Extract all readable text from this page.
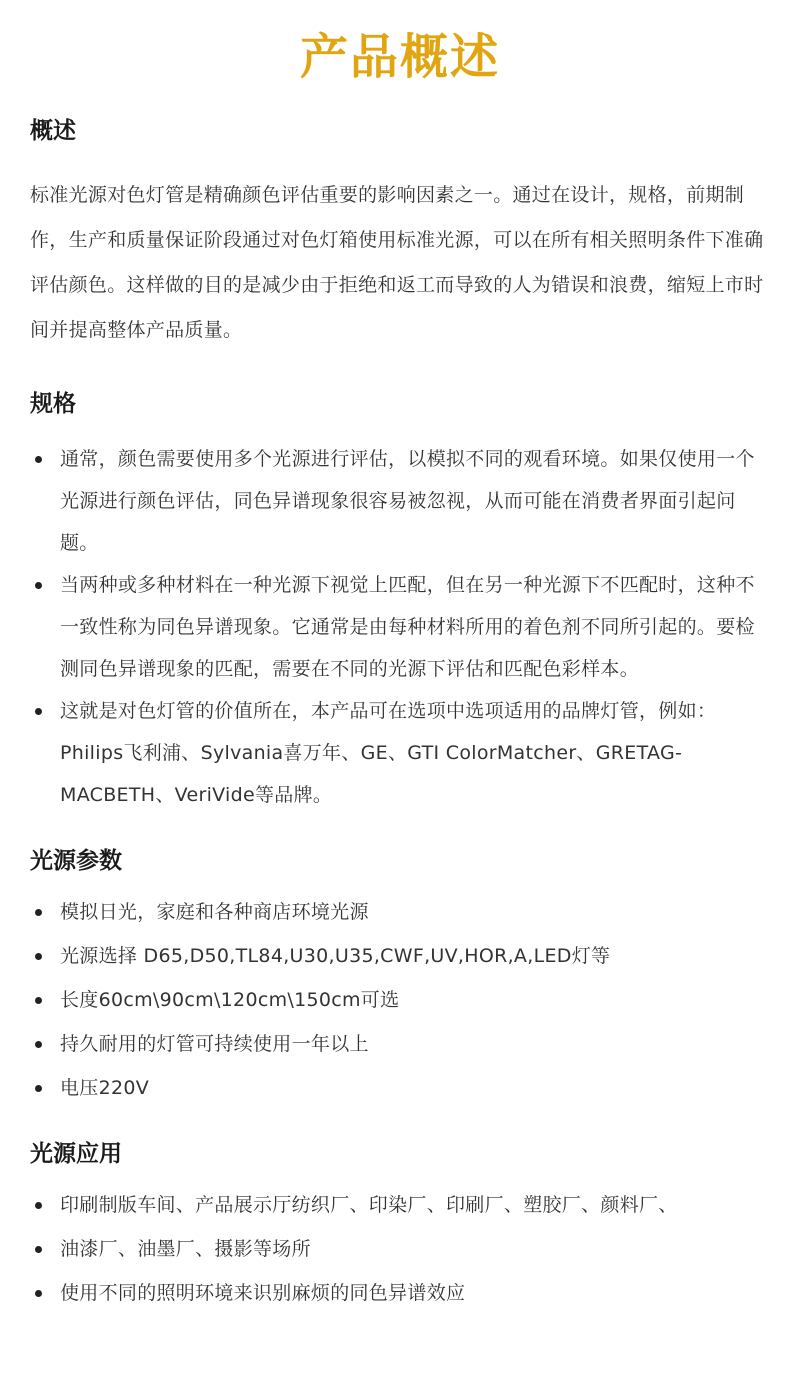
产品概述
概述

标准光源对色灯管是精确颜色评估重要的影响因素之一。通过在设计，规格，前期制作，生产和质量保证阶段通过对色灯箱使用标准光源，可以在所有相关照明条件下准确评估颜色。这样做的目的是减少由于拒绝和返工而导致的人为错误和浪费，缩短上市时间并提高整体产品质量。

规格
通常，颜色需要使用多个光源进行评估，以模拟不同的观看环境。如果仅使用一个光源进行颜色评估，同色异谱现象很容易被忽视，从而可能在消费者界面引起问题。
当两种或多种材料在一种光源下视觉上匹配，但在另一种光源下不匹配时，这种不一致性称为同色异谱现象。它通常是由每种材料所用的着色剂不同所引起的。要检测同色异谱现象的匹配，需要在不同的光源下评估和匹配色彩样本。
这就是对色灯管的价值所在，本产品可在选项中选项适用的品牌灯管，例如：Philips飞利浦、Sylvania喜万年、GE、GTI ColorMatcher、GRETAG-MACBETH、VeriVide等品牌。
光源参数
模拟日光，家庭和各种商店环境光源
光源选择 D65,D50,TL84,U30,U35,CWF,UV,HOR,A,LED灯等
长度60cm\90cm\120cm\150cm可选
持久耐用的灯管可持续使用一年以上
电压220V
光源应用
印刷制版车间、产品展示厅纺织厂、印染厂、印刷厂、塑胶厂、颜料厂、
油漆厂、油墨厂、摄影等场所
使用不同的照明环境来识别麻烦的同色异谱效应
